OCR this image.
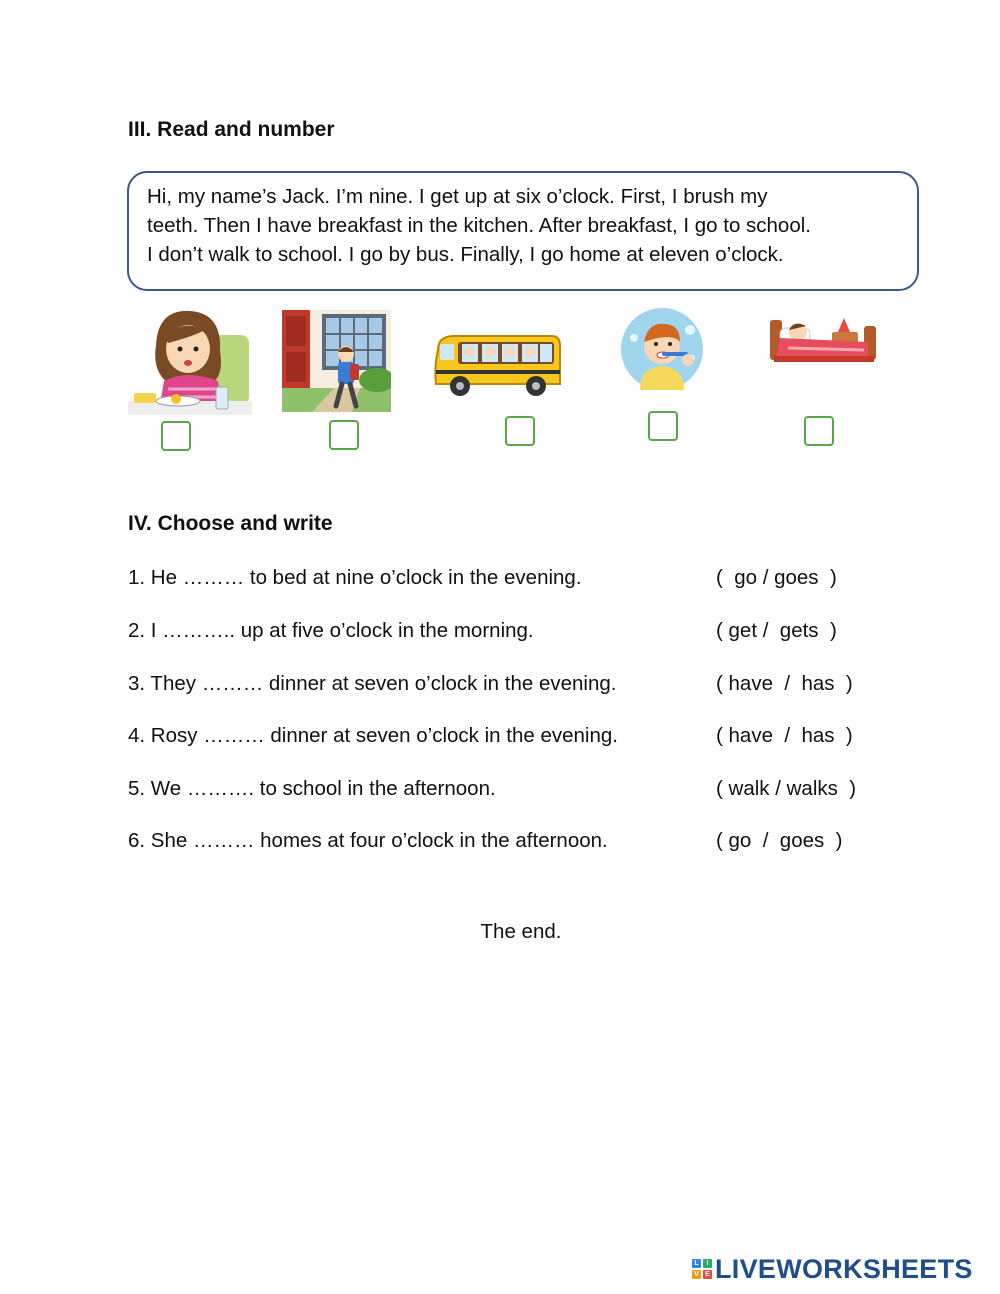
III. Read and number

Hi, my name’s Jack. I’m nine. I get up at six o’clock. First, I brush my

teeth. Then I have breakfast in the kitchen. After breakfast, I go to school.

I don’t walk to school. I go by bus. Finally, I go home at eleven o’clock.

IV. Choose and write
1. He ……… to bed at nine o’clock in the evening.	(  go / goes  )
2. I ……….. up at five o’clock in the morning.	( get /  gets  )
3. They ……… dinner at seven o’clock in the evening.	( have  /  has  )
4. Rosy ……… dinner at seven o’clock in the evening.	( have  /  has  )
5. We ………. to school in the afternoon.	( walk / walks  )
6. She ……… homes at four o’clock in the afternoon.	( go  /  goes  )
The end.
L	I
V E LIVEWORKSHEETS
